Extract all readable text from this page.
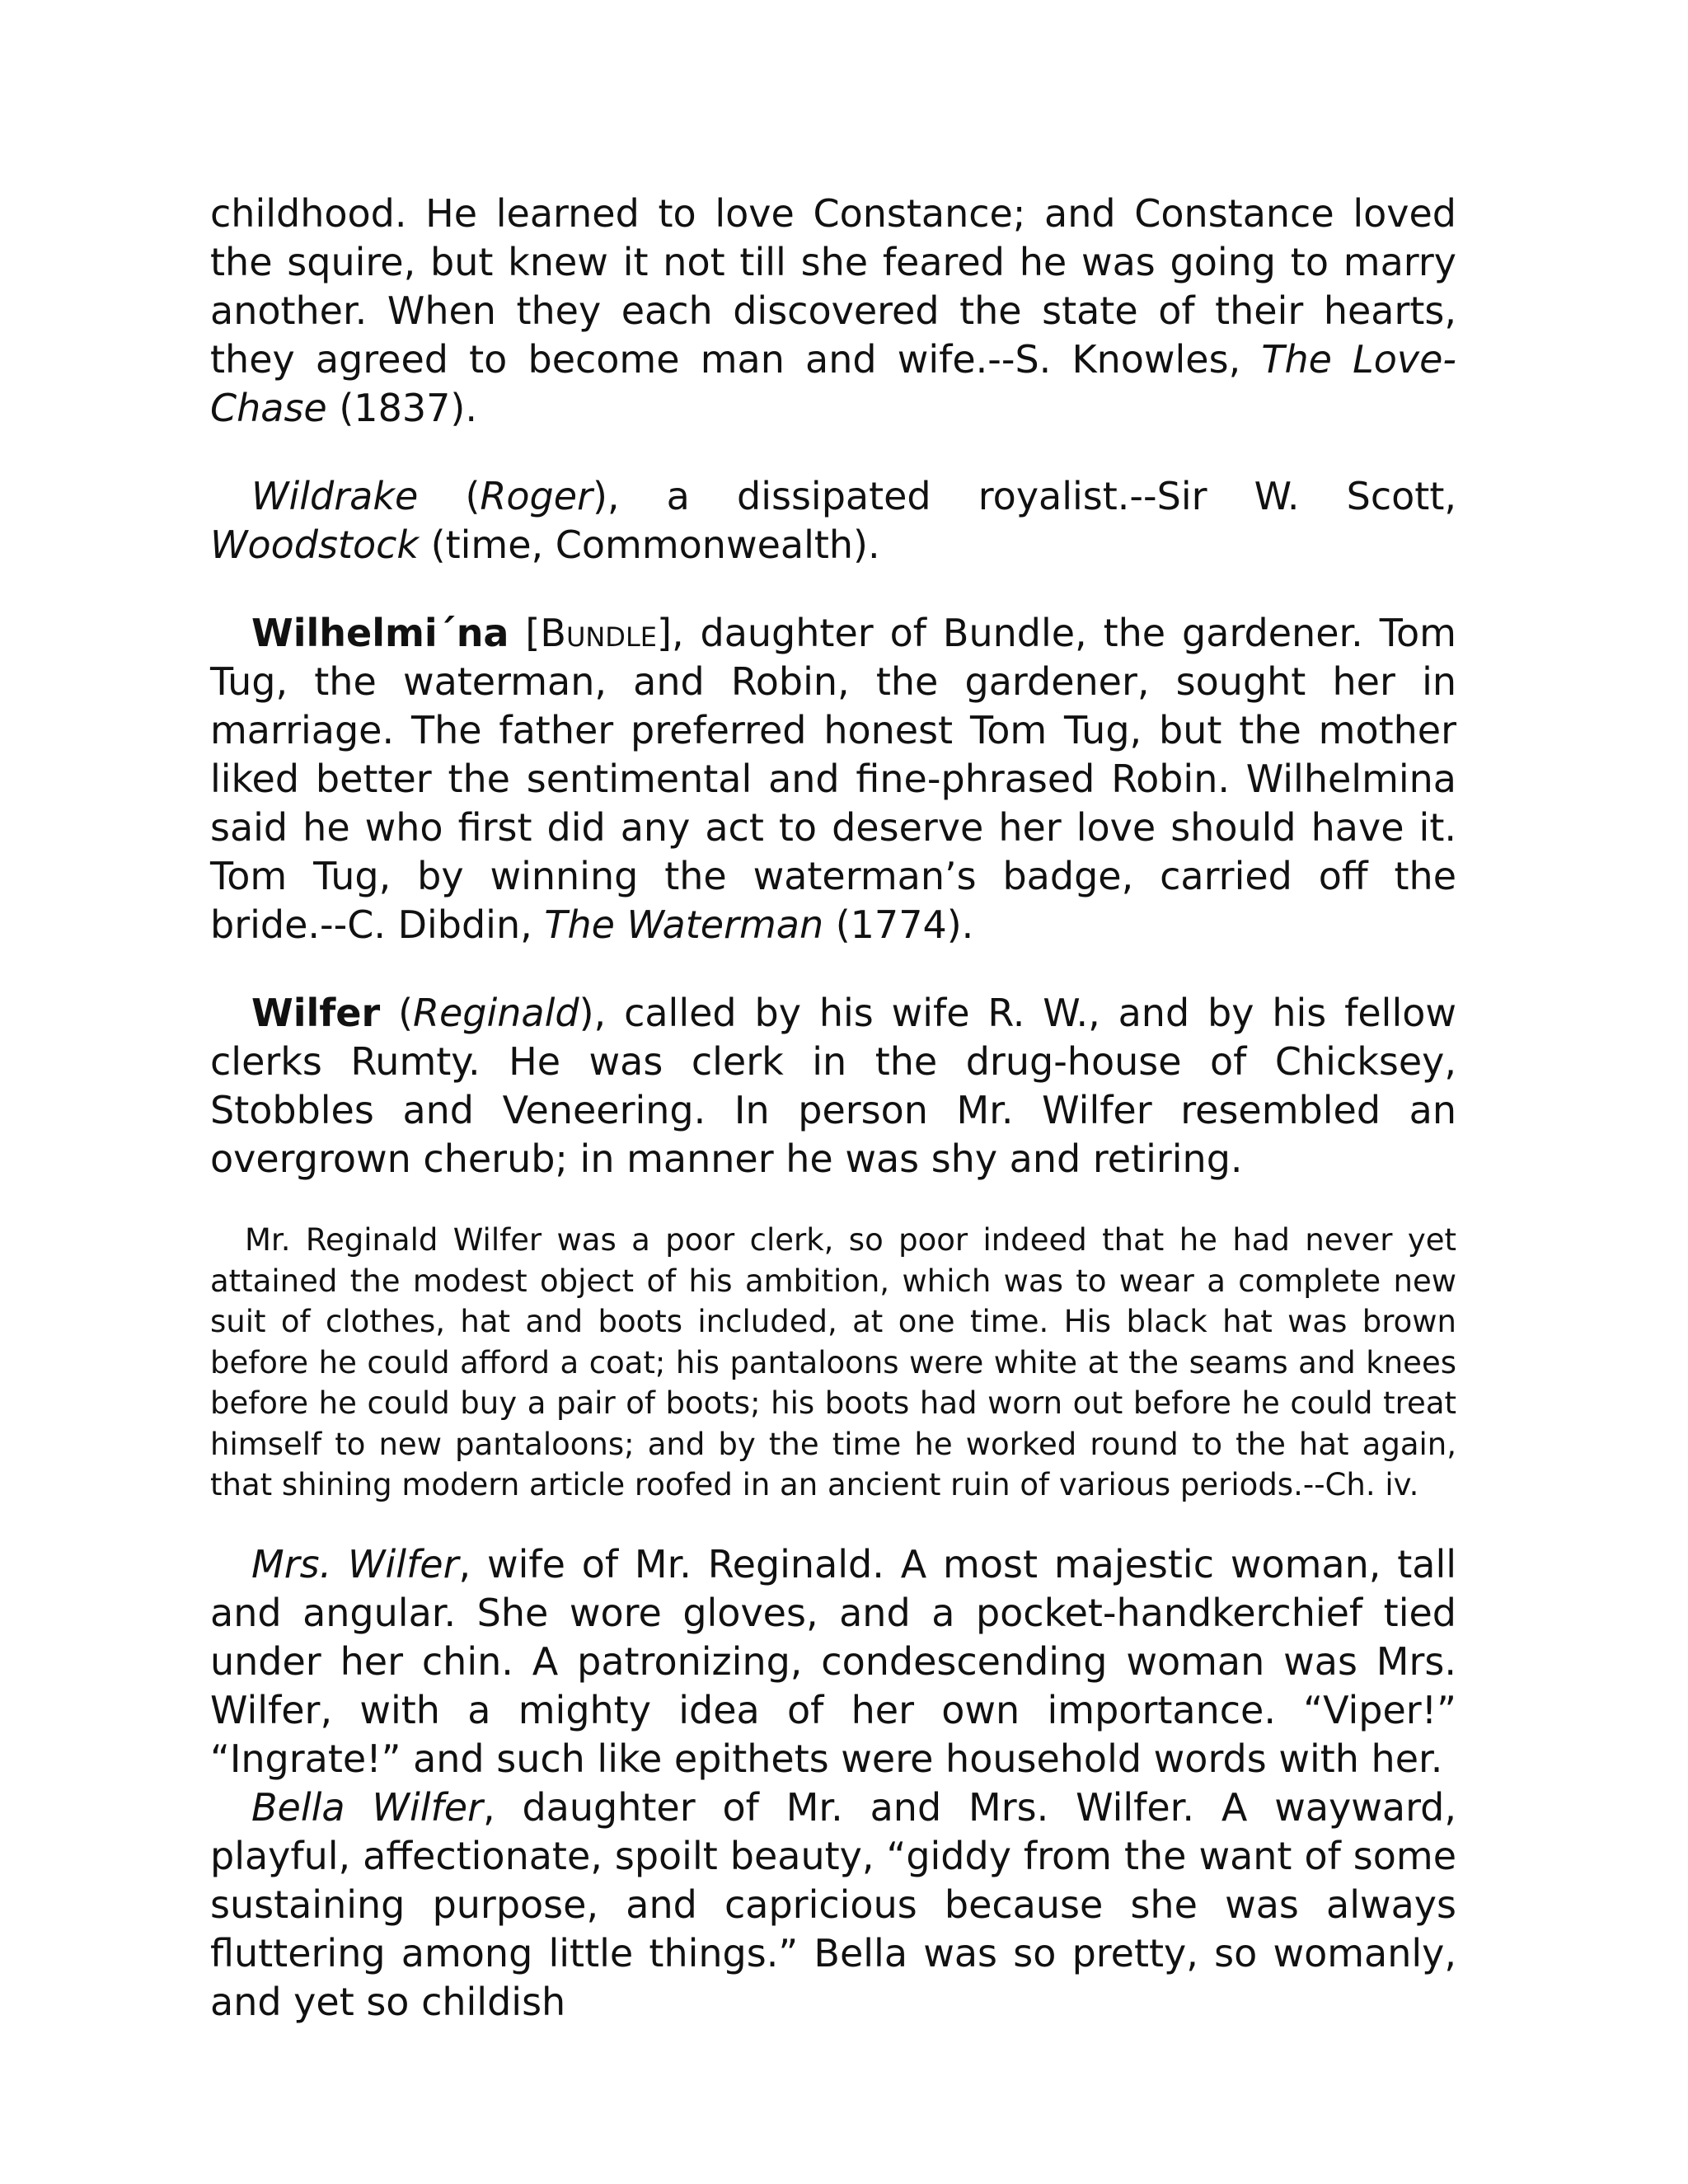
childhood. He learned to love Constance; and Constance loved the squire, but knew it not till she feared he was going to marry another. When they each discovered the state of their hearts, they agreed to become man and wife.--S. Knowles, The Love-Chase (1837).

Wildrake (Roger), a dissipated royalist.--Sir W. Scott, Woodstock (time, Commonwealth).

Wilhelmi´na [Bundle], daughter of Bundle, the gardener. Tom Tug, the waterman, and Robin, the gardener, sought her in marriage. The father preferred honest Tom Tug, but the mother liked better the sentimental and fine-phrased Robin. Wilhelmina said he who first did any act to deserve her love should have it. Tom Tug, by winning the waterman’s badge, carried off the bride.--C. Dibdin, The Waterman (1774).

Wilfer (Reginald), called by his wife R. W., and by his fellow clerks Rumty. He was clerk in the drug-house of Chicksey, Stobbles and Veneering. In person Mr. Wilfer resembled an overgrown cherub; in manner he was shy and retiring.

Mr. Reginald Wilfer was a poor clerk, so poor indeed that he had never yet attained the modest object of his ambition, which was to wear a complete new suit of clothes, hat and boots included, at one time. His black hat was brown before he could afford a coat; his pantaloons were white at the seams and knees before he could buy a pair of boots; his boots had worn out before he could treat himself to new pantaloons; and by the time he worked round to the hat again, that shining modern article roofed in an ancient ruin of various periods.--Ch. iv.

Mrs. Wilfer, wife of Mr. Reginald. A most majestic woman, tall and angular. She wore gloves, and a pocket-handkerchief tied under her chin. A patronizing, condescending woman was Mrs. Wilfer, with a mighty idea of her own importance. “Viper!” “Ingrate!” and such like epithets were household words with her.

Bella Wilfer, daughter of Mr. and Mrs. Wilfer. A wayward, playful, affectionate, spoilt beauty, “giddy from the want of some sustaining purpose, and capricious because she was always fluttering among little things.” Bella was so pretty, so womanly, and yet so childish
